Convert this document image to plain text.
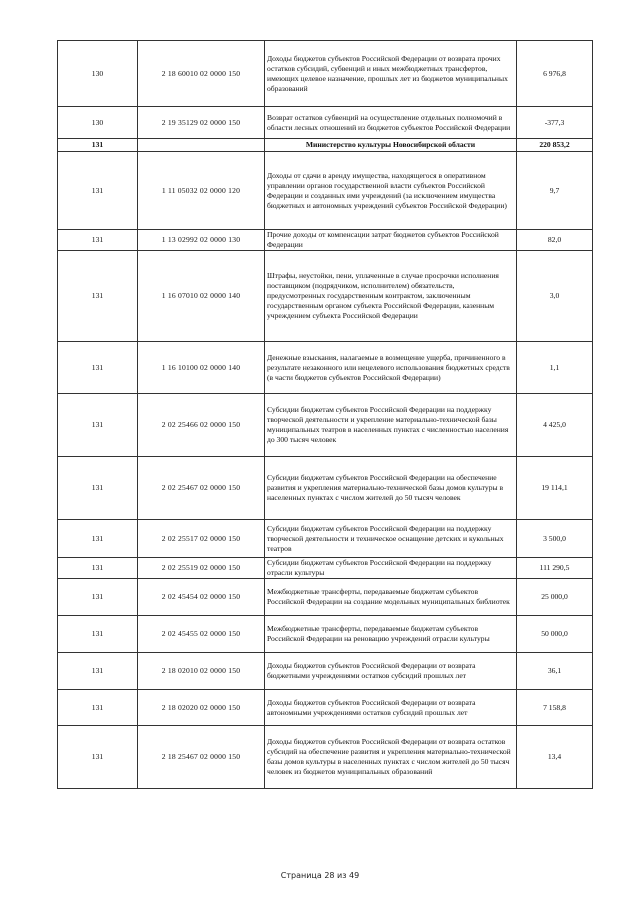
130	2 18 60010 02 0000 150	Доходы бюджетов субъектов Российской Федерации от возврата прочих остатков субсидий, субвенций и иных межбюджетных трансфертов, имеющих целевое назначение, прошлых лет из бюджетов муниципальных образований	6 976,8
130	2 19 35129 02 0000 150	Возврат остатков субвенций на осуществление отдельных полномочий в области лесных отношений из бюджетов субъектов Российской Федерации	-377,3
131		Министерство культуры Новосибирской области	220 853,2
131	1 11 05032 02 0000 120	Доходы от сдачи в аренду имущества, находящегося в оперативном управлении органов государственной власти субъектов Российской Федерации и созданных ими учреждений (за исключением имущества бюджетных и автономных учреждений субъектов Российской Федерации)	9,7
131	1 13 02992 02 0000 130	Прочие доходы от компенсации затрат бюджетов субъектов Российской Федерации	82,0
131	1 16 07010 02 0000 140	Штрафы, неустойки, пени, уплаченные в случае просрочки исполнения поставщиком (подрядчиком, исполнителем) обязательств, предусмотренных государственным контрактом, заключенным государственным органом субъекта Российской Федерации, казенным учреждением субъекта Российской Федерации	3,0
131	1 16 10100 02 0000 140	Денежные взыскания, налагаемые в возмещение ущерба, причиненного в результате незаконного или нецелевого использования бюджетных средств (в части бюджетов субъектов Российской Федерации)	1,1
131	2 02 25466 02 0000 150	Субсидии бюджетам субъектов Российской Федерации на поддержку творческой деятельности и укрепление материально-технической базы муниципальных театров в населенных пунктах с численностью населения до 300 тысяч человек	4 425,0
131	2 02 25467 02 0000 150	Субсидии бюджетам субъектов Российской Федерации на обеспечение развития и укрепления материально-технической базы домов культуры в населенных пунктах с числом жителей до 50 тысяч человек	19 114,1
131	2 02 25517 02 0000 150	Субсидии бюджетам субъектов Российской Федерации на поддержку творческой деятельности и техническое оснащение детских и кукольных театров	3 500,0
131	2 02 25519 02 0000 150	Субсидии бюджетам субъектов Российской Федерации на поддержку отрасли культуры	111 290,5
131	2 02 45454 02 0000 150	Межбюджетные трансферты, передаваемые бюджетам субъектов Российской Федерации на создание модельных муниципальных библиотек	25 000,0
131	2 02 45455 02 0000 150	Межбюджетные трансферты, передаваемые бюджетам субъектов Российской Федерации на реновацию учреждений отрасли культуры	50 000,0
131	2 18 02010 02 0000 150	Доходы бюджетов субъектов Российской Федерации от возврата бюджетными учреждениями остатков субсидий прошлых лет	36,1
131	2 18 02020 02 0000 150	Доходы бюджетов субъектов Российской Федерации от возврата автономными учреждениями остатков субсидий прошлых лет	7 158,8
131	2 18 25467 02 0000 150	Доходы бюджетов субъектов Российской Федерации от возврата остатков субсидий на обеспечение развития и укрепления материально-технической базы домов культуры в населенных пунктах с числом жителей до 50 тысяч человек из бюджетов муниципальных образований	13,4
Страница 28 из 49
